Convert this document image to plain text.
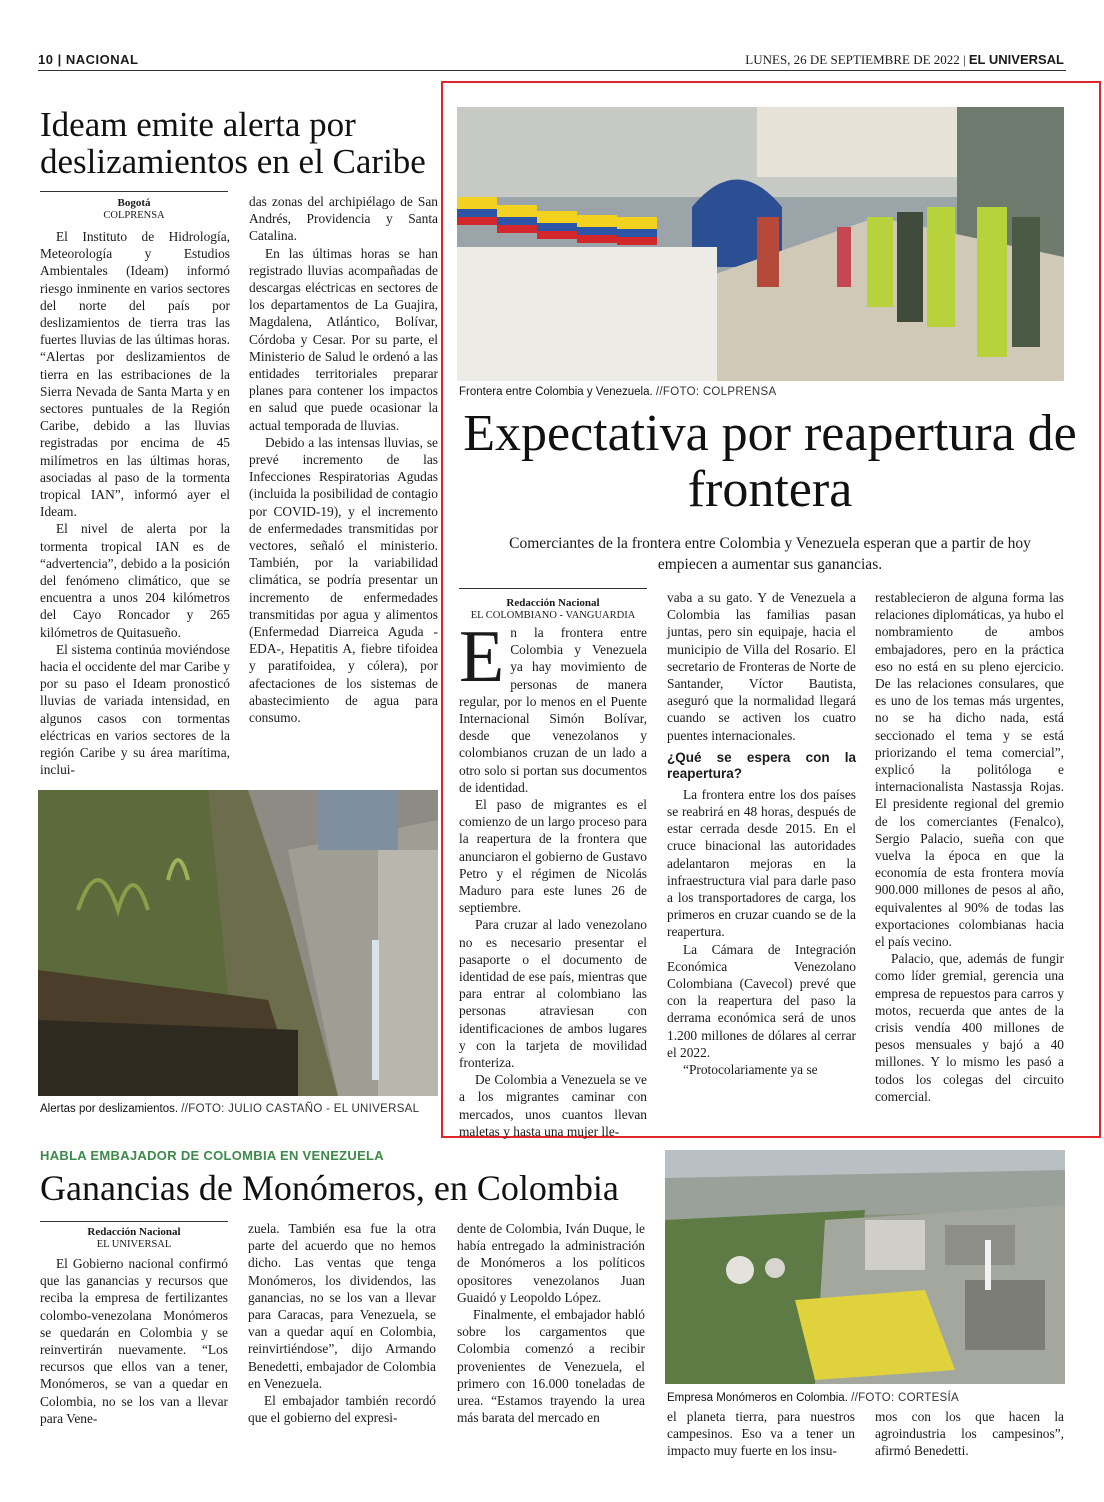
10 | NACIONAL	LUNES, 26 DE SEPTIEMBRE DE 2022 | EL UNIVERSAL
Ideam emite alerta por deslizamientos en el Caribe
Bogotá
COLPRENSA

El Instituto de Hidrología, Meteorología y Estudios Ambientales (Ideam) informó riesgo inminente en varios sectores del norte del país por deslizamientos de tierra tras las fuertes lluvias de las últimas horas. “Alertas por deslizamientos de tierra en las estribaciones de la Sierra Nevada de Santa Marta y en sectores puntuales de la Región Caribe, debido a las lluvias registradas por encima de 45 milímetros en las últimas horas, asociadas al paso de la tormenta tropical IAN”, informó ayer el Ideam.

El nivel de alerta por la tormenta tropical IAN es de “advertencia”, debido a la posición del fenómeno climático, que se encuentra a unos 204 kilómetros del Cayo Roncador y 265 kilómetros de Quitasueño.

El sistema continúa moviéndose hacia el occidente del mar Caribe y por su paso el Ideam pronosticó lluvias de variada intensidad, en algunos casos con tormentas eléctricas en varios sectores de la región Caribe y su área marítima, inclui-

das zonas del archipiélago de San Andrés, Providencia y Santa Catalina.

En las últimas horas se han registrado lluvias acompañadas de descargas eléctricas en sectores de los departamentos de La Guajira, Magdalena, Atlántico, Bolívar, Córdoba y Cesar. Por su parte, el Ministerio de Salud le ordenó a las entidades territoriales preparar planes para contener los impactos en salud que puede ocasionar la actual temporada de lluvias.

Debido a las intensas lluvias, se prevé incremento de las Infecciones Respiratorias Agudas (incluida la posibilidad de contagio por COVID-19), y el incremento de enfermedades transmitidas por vectores, señaló el ministerio. También, por la variabilidad climática, se podría presentar un incremento de enfermedades transmitidas por agua y alimentos (Enfermedad Diarreica Aguda -EDA-, Hepatitis A, fiebre tifoidea y paratifoidea, y cólera), por afectaciones de los sistemas de abastecimiento de agua para consumo.

Alertas por deslizamientos. //FOTO: JULIO CASTAÑO - EL UNIVERSAL
Frontera entre Colombia y Venezuela. //FOTO: COLPRENSA
Expectativa por reapertura de frontera
Comerciantes de la frontera entre Colombia y Venezuela esperan que a partir de hoy empiecen a aumentar sus ganancias.
Redacción Nacional
EL COLOMBIANO - VANGUARDIA

En la frontera entre Colombia y Venezuela ya hay movimiento de personas de manera regular, por lo menos en el Puente Internacional Simón Bolívar, desde que venezolanos y colombianos cruzan de un lado a otro solo si portan sus documentos de identidad.

El paso de migrantes es el comienzo de un largo proceso para la reapertura de la frontera que anunciaron el gobierno de Gustavo Petro y el régimen de Nicolás Maduro para este lunes 26 de septiembre.

Para cruzar al lado venezolano no es necesario presentar el pasaporte o el documento de identidad de ese país, mientras que para entrar al colombiano las personas atraviesan con identificaciones de ambos lugares y con la tarjeta de movilidad fronteriza.

De Colombia a Venezuela se ve a los migrantes caminar con mercados, unos cuantos llevan maletas y hasta una mujer lle-

vaba a su gato. Y de Venezuela a Colombia las familias pasan juntas, pero sin equipaje, hacia el municipio de Villa del Rosario. El secretario de Fronteras de Norte de Santander, Víctor Bautista, aseguró que la normalidad llegará cuando se activen los cuatro puentes internacionales.

¿Qué se espera con la reapertura?

La frontera entre los dos países se reabrirá en 48 horas, después de estar cerrada desde 2015. En el cruce binacional las autoridades adelantaron mejoras en la infraestructura vial para darle paso a los transportadores de carga, los primeros en cruzar cuando se de la reapertura.

La Cámara de Integración Económica Venezolano Colombiana (Cavecol) prevé que con la reapertura del paso la derrama económica será de unos 1.200 millones de dólares al cerrar el 2022.

“Protocolariamente ya se

restablecieron de alguna forma las relaciones diplomáticas, ya hubo el nombramiento de ambos embajadores, pero en la práctica eso no está en su pleno ejercicio. De las relaciones consulares, que es uno de los temas más urgentes, no se ha dicho nada, está seccionado el tema y se está priorizando el tema comercial”, explicó la politóloga e internacionalista Nastassja Rojas. El presidente regional del gremio de los comerciantes (Fenalco), Sergio Palacio, sueña con que vuelva la época en que la economía de esta frontera movía 900.000 millones de pesos al año, equivalentes al 90% de todas las exportaciones colombianas hacia el país vecino.

Palacio, que, además de fungir como líder gremial, gerencia una empresa de repuestos para carros y motos, recuerda que antes de la crisis vendía 400 millones de pesos mensuales y bajó a 40 millones. Y lo mismo les pasó a todos los colegas del circuito comercial.

HABLA EMBAJADOR DE COLOMBIA EN VENEZUELA
Ganancias de Monómeros, en Colombia
Redacción Nacional
EL UNIVERSAL

El Gobierno nacional confirmó que las ganancias y recursos que reciba la empresa de fertilizantes colombo-venezolana Monómeros se quedarán en Colombia y se reinvertirán nuevamente. “Los recursos que ellos van a tener, Monómeros, se van a quedar en Colombia, no se los van a llevar para Vene-

zuela. También esa fue la otra parte del acuerdo que no hemos dicho. Las ventas que tenga Monómeros, los dividendos, las ganancias, no se los van a llevar para Caracas, para Venezuela, se van a quedar aquí en Colombia, reinvirtiéndose”, dijo Armando Benedetti, embajador de Colombia en Venezuela.

El embajador también recordó que el gobierno del expresi-

dente de Colombia, Iván Duque, le había entregado la administración de Monómeros a los políticos opositores venezolanos Juan Guaidó y Leopoldo López.

Finalmente, el embajador habló sobre los cargamentos que Colombia comenzó a recibir provenientes de Venezuela, el primero con 16.000 toneladas de urea. “Estamos trayendo la urea más barata del mercado en

Empresa Monómeros en Colombia. //FOTO: CORTESÍA

el planeta tierra, para nuestros campesinos. Eso va a tener un impacto muy fuerte en los insu-

mos con los que hacen la agroindustria los campesinos”, afirmó Benedetti.
